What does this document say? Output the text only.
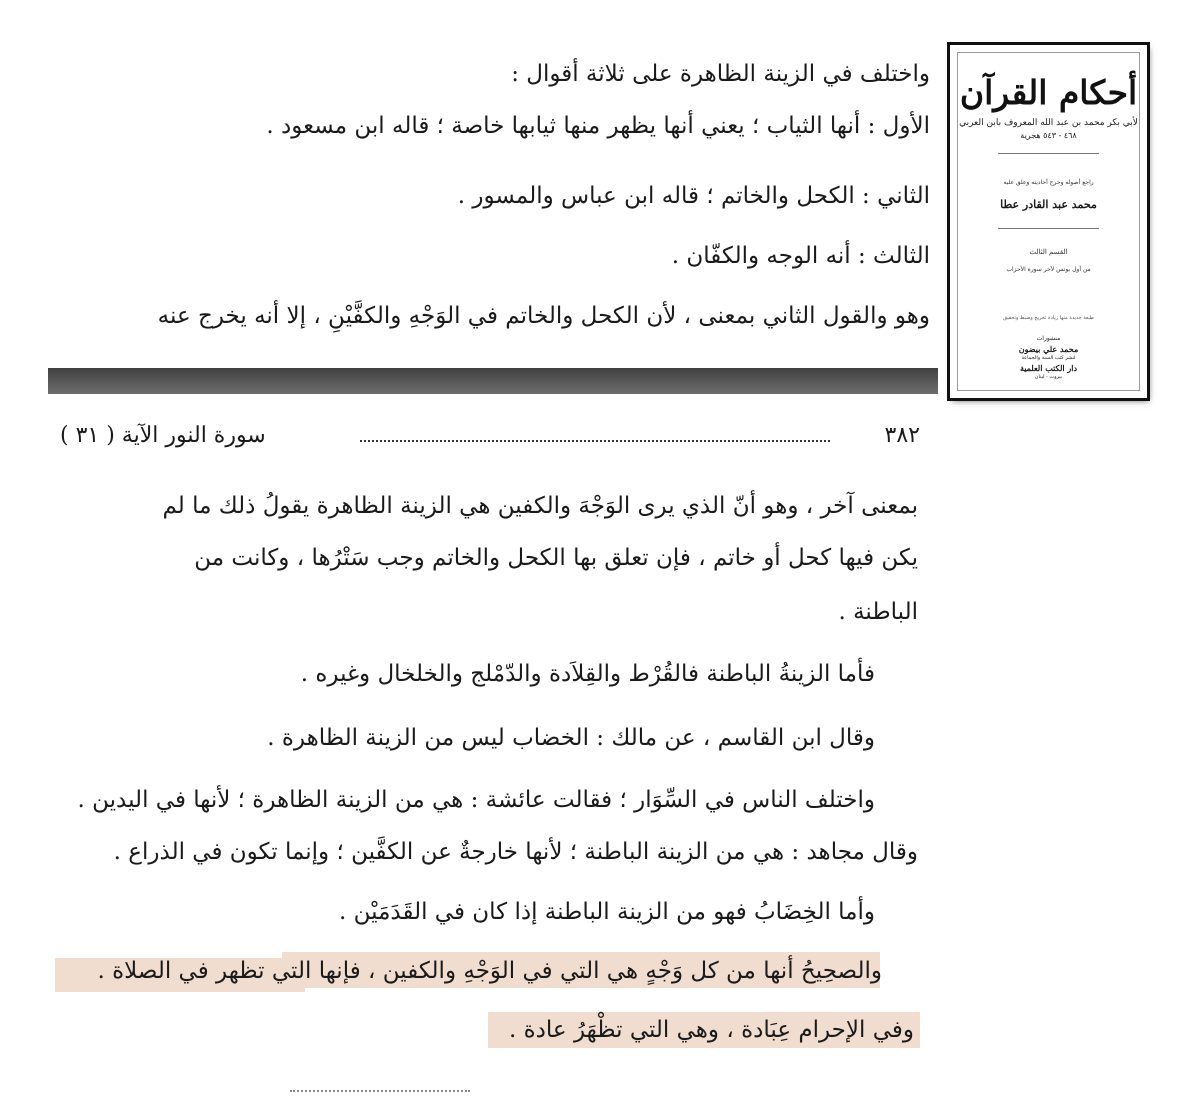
واختلف في الزينة الظاهرة على ثلاثة أقوال :
الأول : أنها الثياب ؛ يعني أنها يظهر منها ثيابها خاصة ؛ قاله ابن مسعود .
الثاني : الكحل والخاتم ؛ قاله ابن عباس والمسور .
الثالث : أنه الوجه والكفّان .
وهو والقول الثاني بمعنى ، لأن الكحل والخاتم في الوَجْهِ والكفَّيْنِ ، إلا أنه يخرج عنه
أحكام القرآن
لأبي بكر محمد بن عبد الله المعروف بابن العربي
٤٦٨ - ٥٤٣ هجرية
راجع أصوله وخرج أحاديثه وعلق عليه
محمد عبد القادر عطا
القسم الثالث
من أول يونس لآخر سورة الأحزاب
طبعة جديدة منها زيادة تخريج وضبط وتحقيق
منشورات
محمد علي بيضون
لنشر كتب السنة والجماعة
دار الكتب العلمية
بيروت - لبنان
٣٨٢
سورة النور الآية ( ٣١ )
بمعنى آخر ، وهو أنّ الذي يرى الوَجْهَ والكفين هي الزينة الظاهرة يقولُ ذلك ما لم
يكن فيها كحل أو خاتم ، فإن تعلق بها الكحل والخاتم وجب سَتْرُها ، وكانت من
الباطنة .
فأما الزينةُ الباطنة فالقُرْط والقِلاَدة والدّمْلج والخلخال وغيره .
وقال ابن القاسم ، عن مالك : الخضاب ليس من الزينة الظاهرة .
واختلف الناس في السِّوَار ؛ فقالت عائشة : هي من الزينة الظاهرة ؛ لأنها في اليدين .
وقال مجاهد : هي من الزينة الباطنة ؛ لأنها خارجةٌ عن الكفَّين ؛ وإنما تكون في الذراع .
وأما الخِضَابُ فهو من الزينة الباطنة إذا كان في القَدَمَيْن .
والصحِيحُ أنها من كل وَجْهٍ هي التي في الوَجْهِ والكفين ، فإنها التي تظهر في الصلاة .
وفي الإحرام عِبَادة ، وهي التي تظْهَرُ عادة .
